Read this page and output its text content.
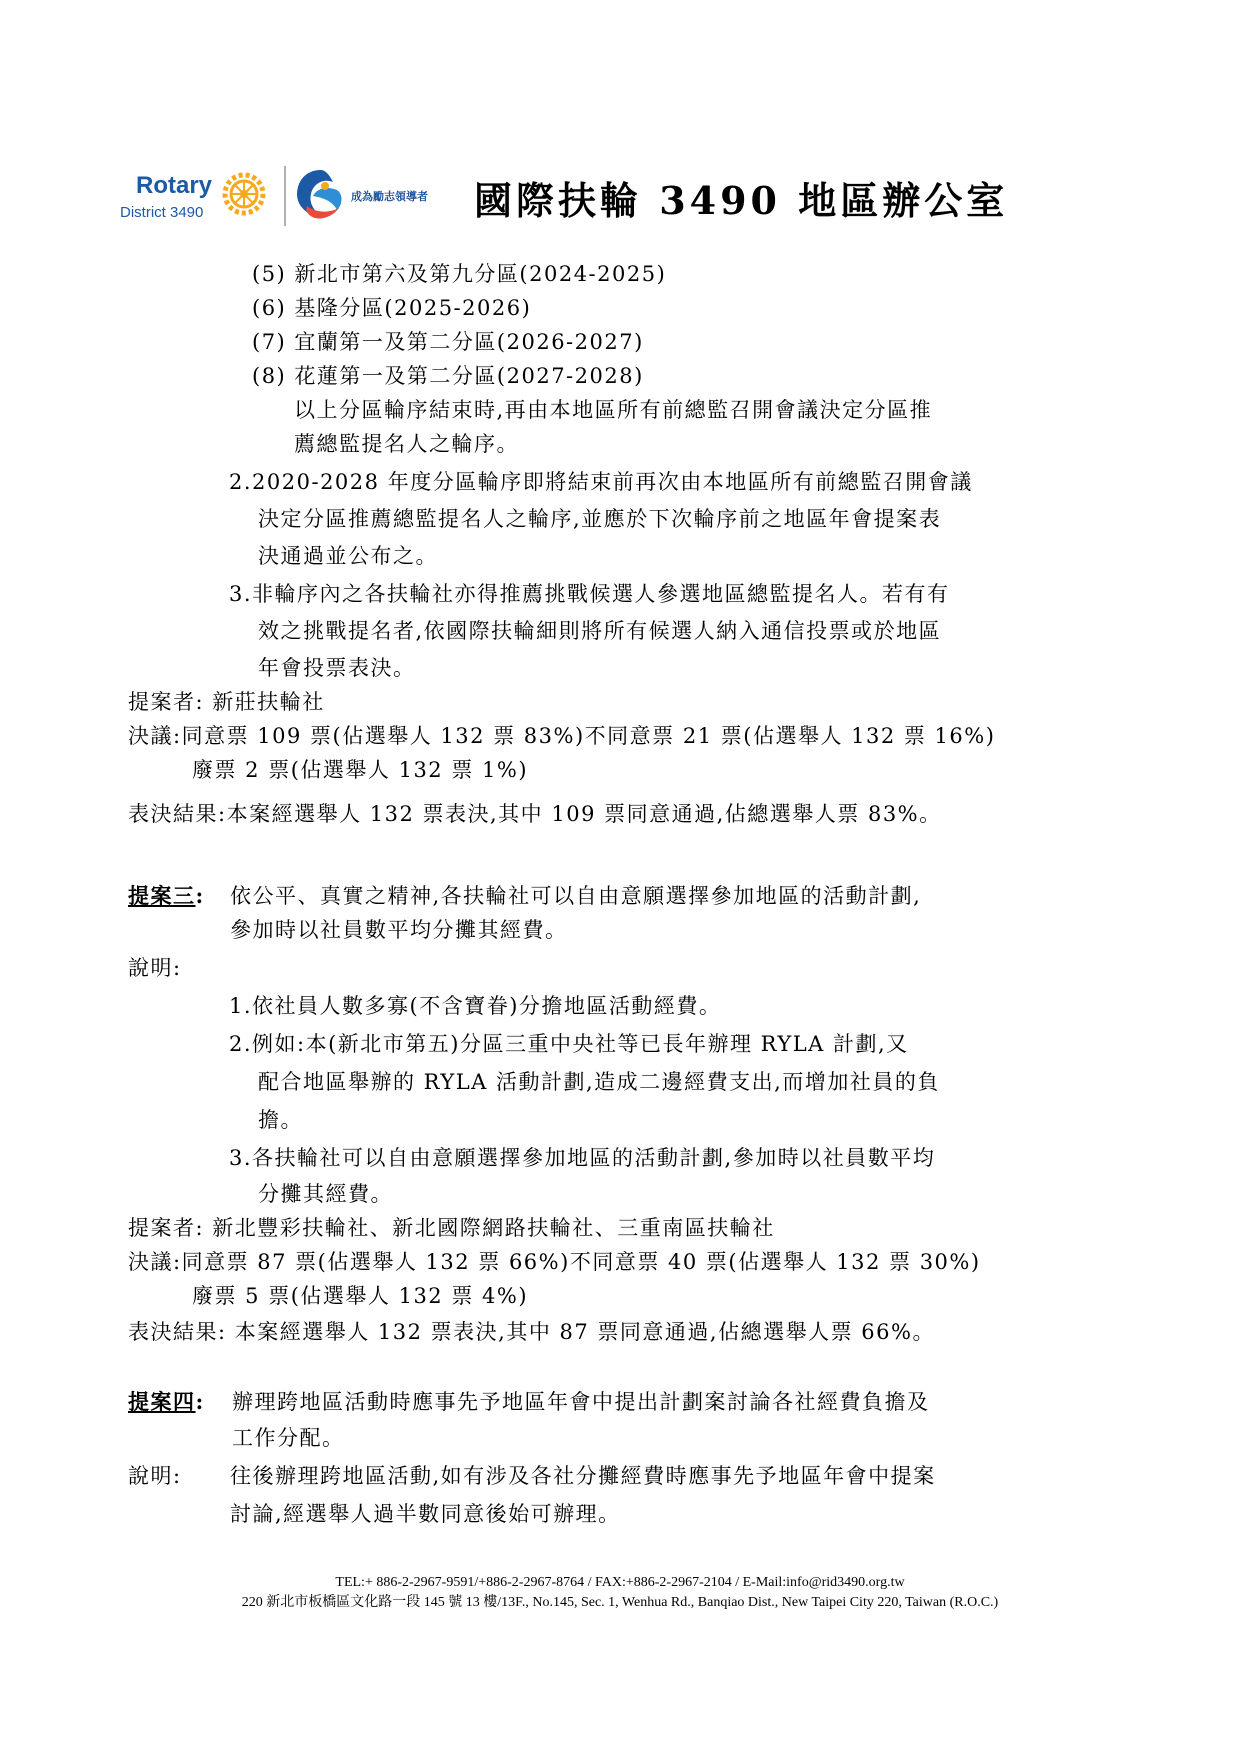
Rotary
District 3490
成為勵志領導者 國際扶輪 3490 地區辦公室
(5) 新北市第六及第九分區(2024-2025)
(6) 基隆分區(2025-2026)
(7) 宜蘭第一及第二分區(2026-2027)
(8) 花蓮第一及第二分區(2027-2028)
以上分區輪序結束時,再由本地區所有前總監召開會議決定分區推
薦總監提名人之輪序。
2.2020-2028 年度分區輪序即將結束前再次由本地區所有前總監召開會議
決定分區推薦總監提名人之輪序,並應於下次輪序前之地區年會提案表
決通過並公布之。
3.非輪序內之各扶輪社亦得推薦挑戰候選人參選地區總監提名人。若有有
效之挑戰提名者,依國際扶輪細則將所有候選人納入通信投票或於地區
年會投票表決。
提案者: 新莊扶輪社
決議:同意票 109 票(佔選舉人 132 票 83%)不同意票 21 票(佔選舉人 132 票 16%)
廢票 2 票(佔選舉人 132 票 1%)
表決結果:本案經選舉人 132 票表決,其中 109 票同意通過,佔總選舉人票 83%。
提案三: 依公平、真實之精神,各扶輪社可以自由意願選擇參加地區的活動計劃,
參加時以社員數平均分攤其經費。
說明:
1.依社員人數多寡(不含寶眷)分擔地區活動經費。
2.例如:本(新北市第五)分區三重中央社等已長年辦理 RYLA 計劃,又
配合地區舉辦的 RYLA 活動計劃,造成二邊經費支出,而增加社員的負
擔。
3.各扶輪社可以自由意願選擇參加地區的活動計劃,參加時以社員數平均
分攤其經費。
提案者: 新北豐彩扶輪社、新北國際網路扶輪社、三重南區扶輪社
決議:同意票 87 票(佔選舉人 132 票 66%)不同意票 40 票(佔選舉人 132 票 30%)
廢票 5 票(佔選舉人 132 票 4%)
表決結果: 本案經選舉人 132 票表決,其中 87 票同意通過,佔總選舉人票 66%。
提案四: 辦理跨地區活動時應事先予地區年會中提出計劃案討論各社經費負擔及
工作分配。
說明: 往後辦理跨地區活動,如有涉及各社分攤經費時應事先予地區年會中提案
討論,經選舉人過半數同意後始可辦理。
TEL:+ 886-2-2967-9591/+886-2-2967-8764 / FAX:+886-2-2967-2104 / E-Mail:info@rid3490.org.tw
220 新北市板橋區文化路一段 145 號 13 樓/13F., No.145, Sec. 1, Wenhua Rd., Banqiao Dist., New Taipei City 220, Taiwan (R.O.C.)
